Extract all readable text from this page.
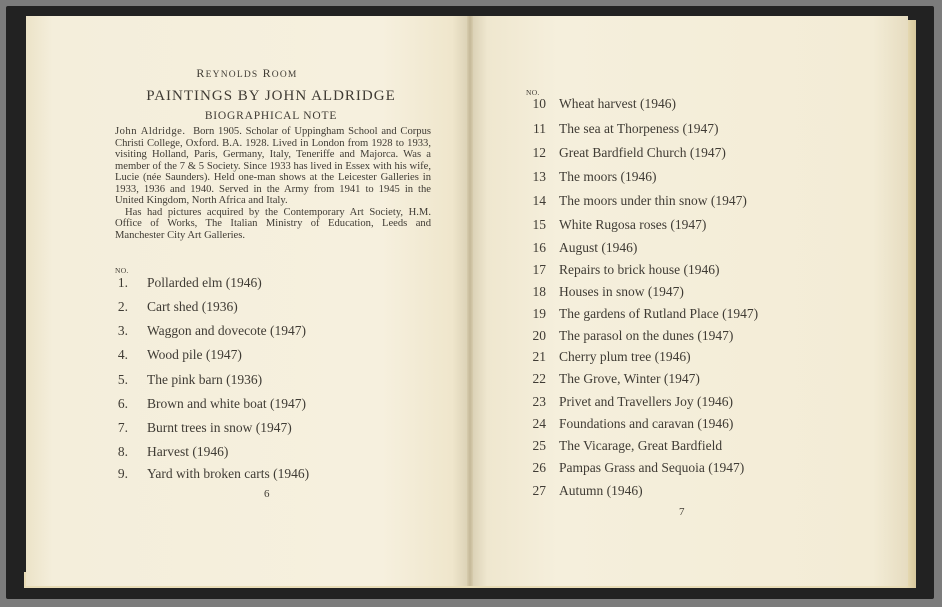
REYNOLDS ROOM
PAINTINGS BY JOHN ALDRIDGE
BIOGRAPHICAL NOTE

John Aldridge. Born 1905. Scholar of Uppingham School and Corpus Christi College, Oxford. B.A. 1928. Lived in London from 1928 to 1933, visiting Holland, Paris, Germany, Italy, Teneriffe and Majorca. Was a member of the 7 & 5 Society. Since 1933 has lived in Essex with his wife, Lucie (née Saunders). Held one-man shows at the Leicester Galleries in 1933, 1936 and 1940. Served in the Army from 1941 to 1945 in the United Kingdom, North Africa and Italy.

Has had pictures acquired by the Contemporary Art Society, H.M. Office of Works, The Italian Ministry of Education, Leeds and Manchester City Art Galleries.

NO.
1. Pollarded elm (1946)
2. Cart shed (1936)
3. Waggon and dovecote (1947)
4. Wood pile (1947)
5. The pink barn (1936)
6. Brown and white boat (1947)
7. Burnt trees in snow (1947)
8. Harvest (1946)
9. Yard with broken carts (1946)
6
NO.
10 Wheat harvest (1946)
11 The sea at Thorpeness (1947)
12 Great Bardfield Church (1947)
13 The moors (1946)
14 The moors under thin snow (1947)
15 White Rugosa roses (1947)
16 August (1946)
17 Repairs to brick house (1946)
18 Houses in snow (1947)
19 The gardens of Rutland Place (1947)
20 The parasol on the dunes (1947)
21 Cherry plum tree (1946)
22 The Grove, Winter (1947)
23 Privet and Travellers Joy (1946)
24 Foundations and caravan (1946)
25 The Vicarage, Great Bardfield
26 Pampas Grass and Sequoia (1947)
27 Autumn (1946)
7
